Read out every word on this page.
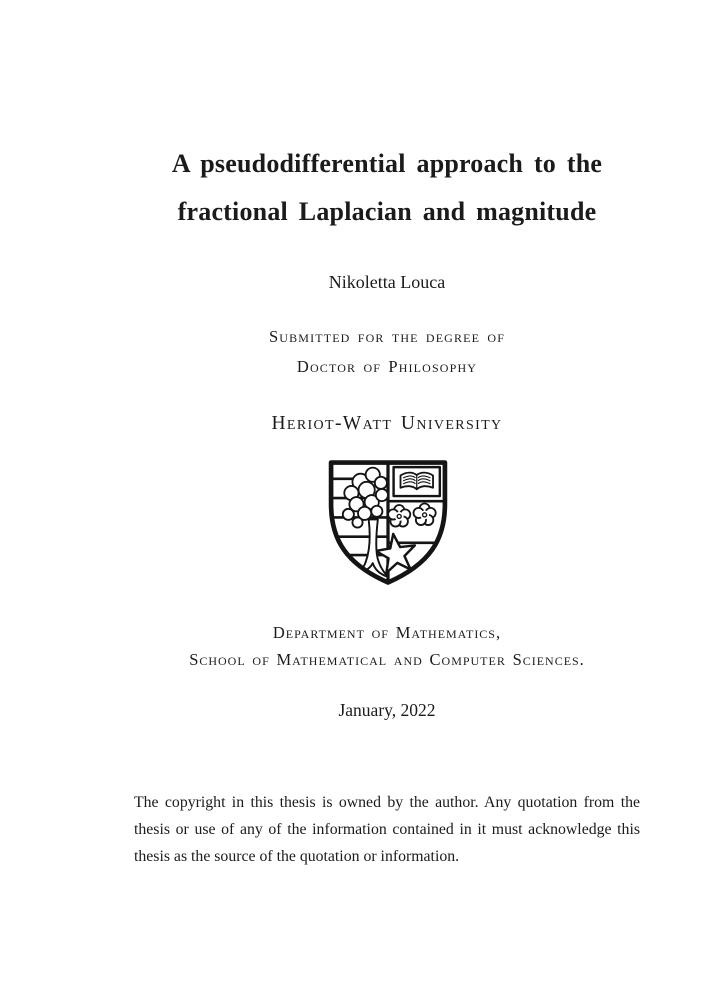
A pseudodifferential approach to the
fractional Laplacian and magnitude
Nikoletta Louca
Submitted for the degree of
Doctor of Philosophy
Heriot-Watt University
Department of Mathematics,
School of Mathematical and Computer Sciences.
January, 2022

The copyright in this thesis is owned by the author. Any quotation from the thesis or use of any of the information contained in it must acknowledge this thesis as the source of the quotation or information.
